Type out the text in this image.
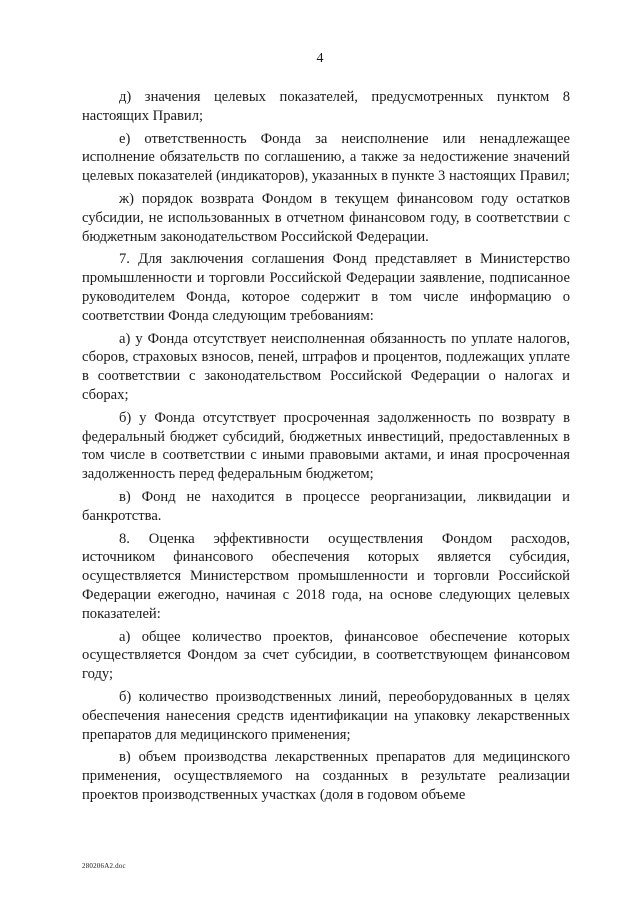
4

д) значения целевых показателей, предусмотренных пунктом 8 настоящих Правил;

е) ответственность Фонда за неисполнение или ненадлежащее исполнение обязательств по соглашению, а также за недостижение значений целевых показателей (индикаторов), указанных в пункте 3 настоящих Правил;

ж) порядок возврата Фондом в текущем финансовом году остатков субсидии, не использованных в отчетном финансовом году, в соответствии с бюджетным законодательством Российской Федерации.

7. Для заключения соглашения Фонд представляет в Министерство промышленности и торговли Российской Федерации заявление, подписанное руководителем Фонда, которое содержит в том числе информацию о соответствии Фонда следующим требованиям:

а) у Фонда отсутствует неисполненная обязанность по уплате налогов, сборов, страховых взносов, пеней, штрафов и процентов, подлежащих уплате в соответствии с законодательством Российской Федерации о налогах и сборах;

б) у Фонда отсутствует просроченная задолженность по возврату в федеральный бюджет субсидий, бюджетных инвестиций, предоставленных в том числе в соответствии с иными правовыми актами, и иная просроченная задолженность перед федеральным бюджетом;

в) Фонд не находится в процессе реорганизации, ликвидации и банкротства.

8. Оценка эффективности осуществления Фондом расходов, источником финансового обеспечения которых является субсидия, осуществляется Министерством промышленности и торговли Российской Федерации ежегодно, начиная с 2018 года, на основе следующих целевых показателей:

а) общее количество проектов, финансовое обеспечение которых осуществляется Фондом за счет субсидии, в соответствующем финансовом году;

б) количество производственных линий, переоборудованных в целях обеспечения нанесения средств идентификации на упаковку лекарственных препаратов для медицинского применения;

в) объем производства лекарственных препаратов для медицинского применения, осуществляемого на созданных в результате реализации проектов производственных участках (доля в годовом объеме

280206A2.doc
